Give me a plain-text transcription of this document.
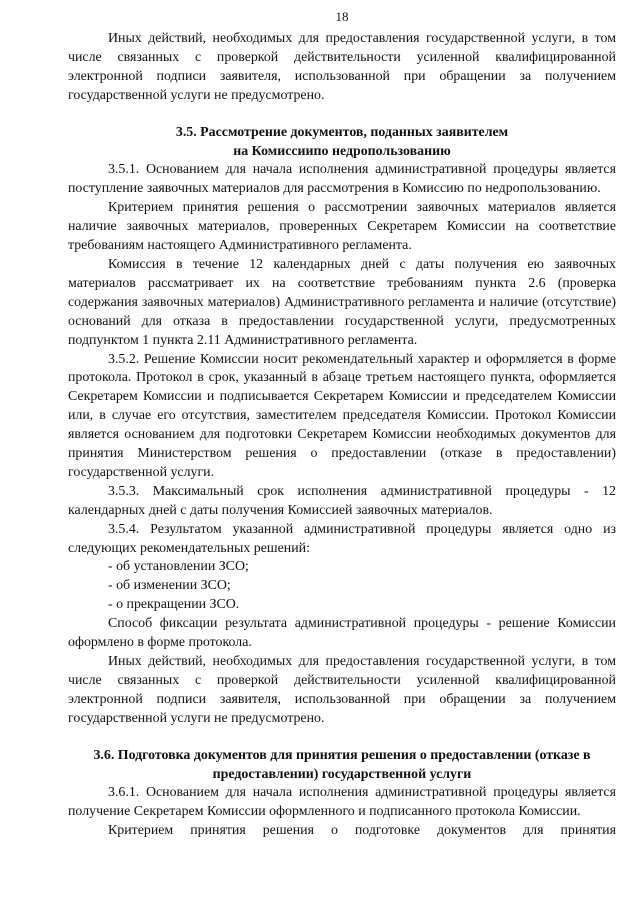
18
Иных действий, необходимых для предоставления государственной услуги, в том числе связанных с проверкой действительности усиленной квалифицированной электронной подписи заявителя, использованной при обращении за получением государственной услуги не предусмотрено.
3.5. Рассмотрение документов, поданных заявителем
на Комиссиипо недропользованию
3.5.1. Основанием для начала исполнения административной процедуры является поступление заявочных материалов для рассмотрения в Комиссию по недропользованию.
Критерием принятия решения о рассмотрении заявочных материалов является наличие заявочных материалов, проверенных Секретарем Комиссии на соответствие требованиям настоящего Административного регламента.
Комиссия в течение 12 календарных дней с даты получения ею заявочных материалов рассматривает их на соответствие требованиям пункта 2.6 (проверка содержания заявочных материалов) Административного регламента и наличие (отсутствие) оснований для отказа в предоставлении государственной услуги, предусмотренных подпунктом 1 пункта 2.11 Административного регламента.
3.5.2. Решение Комиссии носит рекомендательный характер и оформляется в форме протокола. Протокол в срок, указанный в абзаце третьем настоящего пункта, оформляется Секретарем Комиссии и подписывается Секретарем Комиссии и председателем Комиссии или, в случае его отсутствия, заместителем председателя Комиссии. Протокол Комиссии является основанием для подготовки Секретарем Комиссии необходимых документов для принятия Министерством решения о предоставлении (отказе в предоставлении) государственной услуги.
3.5.3. Максимальный срок исполнения административной процедуры - 12 календарных дней с даты получения Комиссией заявочных материалов.
3.5.4. Результатом указанной административной процедуры является одно из следующих рекомендательных решений:
- об установлении ЗСО;
- об изменении ЗСО;
- о прекращении ЗСО.
Способ фиксации результата административной процедуры - решение Комиссии оформлено в форме протокола.
Иных действий, необходимых для предоставления государственной услуги, в том числе связанных с проверкой действительности усиленной квалифицированной электронной подписи заявителя, использованной при обращении за получением государственной услуги не предусмотрено.
3.6. Подготовка документов для принятия решения о предоставлении (отказе в
предоставлении) государственной услуги
3.6.1. Основанием для начала исполнения административной процедуры является получение Секретарем Комиссии оформленного и подписанного протокола Комиссии.
Критерием принятия решения о подготовке документов для принятия
